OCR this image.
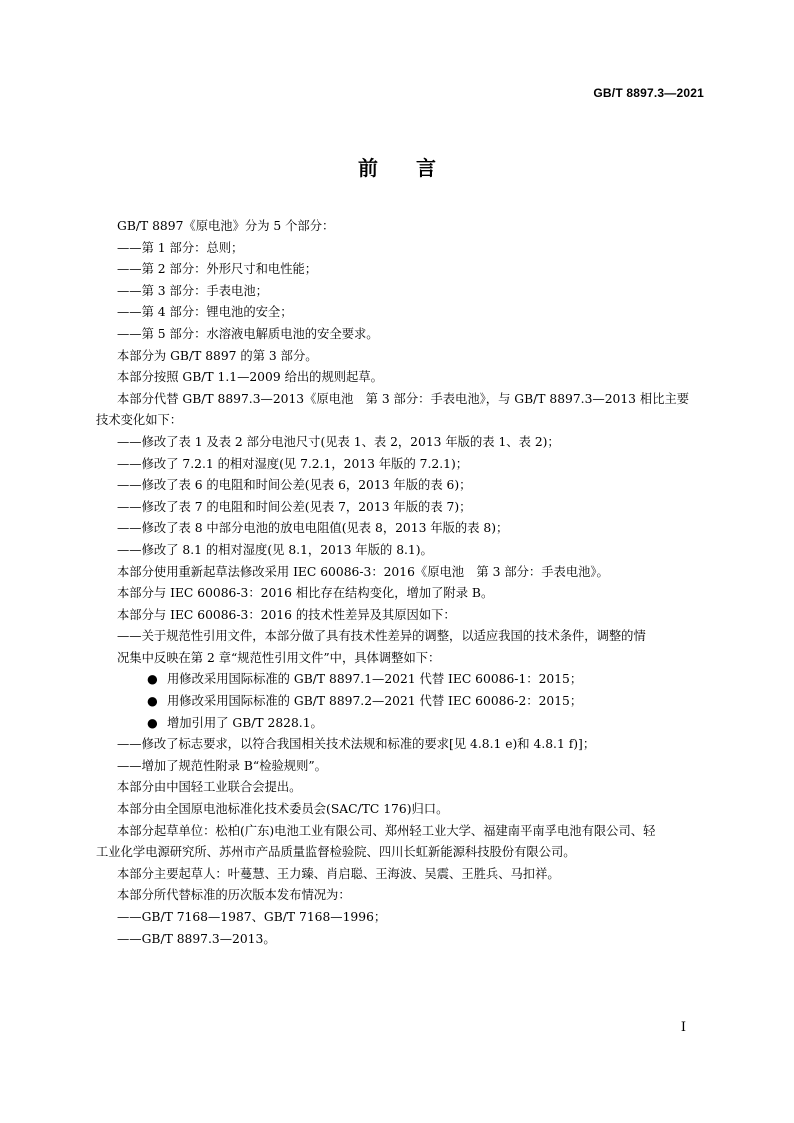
GB/T 8897.3—2021
前 言
GB/T 8897《原电池》分为 5 个部分：
——第 1 部分：总则；
——第 2 部分：外形尺寸和电性能；
——第 3 部分：手表电池；
——第 4 部分：锂电池的安全；
——第 5 部分：水溶液电解质电池的安全要求。
本部分为 GB/T 8897 的第 3 部分。
本部分按照 GB/T 1.1—2009 给出的规则起草。
本部分代替 GB/T 8897.3—2013《原电池　第 3 部分：手表电池》，与 GB/T 8897.3—2013 相比主要
技术变化如下：
——修改了表 1 及表 2 部分电池尺寸(见表 1、表 2，2013 年版的表 1、表 2)；
——修改了 7.2.1 的相对湿度(见 7.2.1，2013 年版的 7.2.1)；
——修改了表 6 的电阻和时间公差(见表 6，2013 年版的表 6)；
——修改了表 7 的电阻和时间公差(见表 7，2013 年版的表 7)；
——修改了表 8 中部分电池的放电电阻值(见表 8，2013 年版的表 8)；
——修改了 8.1 的相对湿度(见 8.1，2013 年版的 8.1)。
本部分使用重新起草法修改采用 IEC 60086-3：2016《原电池　第 3 部分：手表电池》。
本部分与 IEC 60086-3：2016 相比存在结构变化，增加了附录 B。
本部分与 IEC 60086-3：2016 的技术性差异及其原因如下：
——关于规范性引用文件，本部分做了具有技术性差异的调整，以适应我国的技术条件，调整的情
况集中反映在第 2 章“规范性引用文件”中，具体调整如下：
● 用修改采用国际标准的 GB/T 8897.1—2021 代替 IEC 60086-1：2015；
● 用修改采用国际标准的 GB/T 8897.2—2021 代替 IEC 60086-2：2015；
● 增加引用了 GB/T 2828.1。
——修改了标志要求，以符合我国相关技术法规和标准的要求[见 4.8.1 e)和 4.8.1 f)]；
——增加了规范性附录 B“检验规则”。
本部分由中国轻工业联合会提出。
本部分由全国原电池标准化技术委员会(SAC/TC 176)归口。
本部分起草单位：松柏(广东)电池工业有限公司、郑州轻工业大学、福建南平南孚电池有限公司、轻
工业化学电源研究所、苏州市产品质量监督检验院、四川长虹新能源科技股份有限公司。
本部分主要起草人：叶蔓慧、王力臻、肖启聪、王海波、吴震、王胜兵、马扣祥。
本部分所代替标准的历次版本发布情况为：
——GB/T 7168—1987、GB/T 7168—1996；
——GB/T 8897.3—2013。
I
